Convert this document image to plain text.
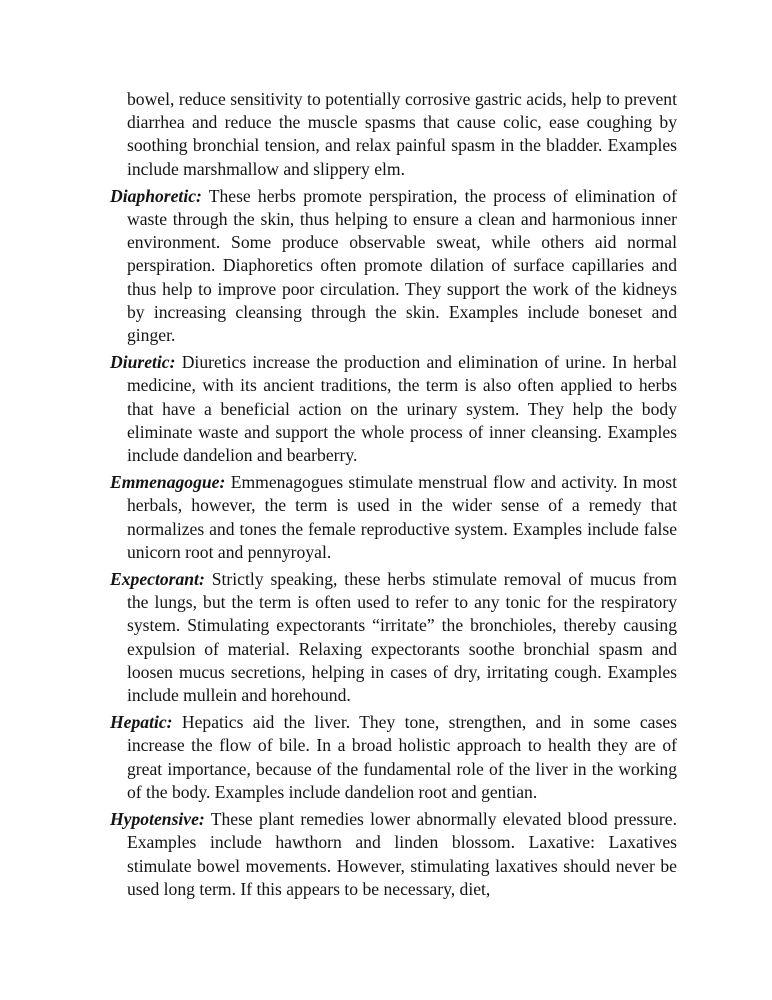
bowel, reduce sensitivity to potentially corrosive gastric acids, help to prevent diarrhea and reduce the muscle spasms that cause colic, ease coughing by soothing bronchial tension, and relax painful spasm in the bladder. Examples include marshmallow and slippery elm.

Diaphoretic: These herbs promote perspiration, the process of elimination of waste through the skin, thus helping to ensure a clean and harmonious inner environment. Some produce observable sweat, while others aid normal perspiration. Diaphoretics often promote dilation of surface capillaries and thus help to improve poor circulation. They support the work of the kidneys by increasing cleansing through the skin. Examples include boneset and ginger.

Diuretic: Diuretics increase the production and elimination of urine. In herbal medicine, with its ancient traditions, the term is also often applied to herbs that have a beneficial action on the urinary system. They help the body eliminate waste and support the whole process of inner cleansing. Examples include dandelion and bearberry.

Emmenagogue: Emmenagogues stimulate menstrual flow and activity. In most herbals, however, the term is used in the wider sense of a remedy that normalizes and tones the female reproductive system. Examples include false unicorn root and pennyroyal.

Expectorant: Strictly speaking, these herbs stimulate removal of mucus from the lungs, but the term is often used to refer to any tonic for the respiratory system. Stimulating expectorants “irritate” the bronchioles, thereby causing expulsion of material. Relaxing expectorants soothe bronchial spasm and loosen mucus secretions, helping in cases of dry, irritating cough. Examples include mullein and horehound.

Hepatic: Hepatics aid the liver. They tone, strengthen, and in some cases increase the flow of bile. In a broad holistic approach to health they are of great importance, because of the fundamental role of the liver in the working of the body. Examples include dandelion root and gentian.

Hypotensive: These plant remedies lower abnormally elevated blood pressure. Examples include hawthorn and linden blossom. Laxative: Laxatives stimulate bowel movements. However, stimulating laxatives should never be used long term. If this appears to be necessary, diet,
